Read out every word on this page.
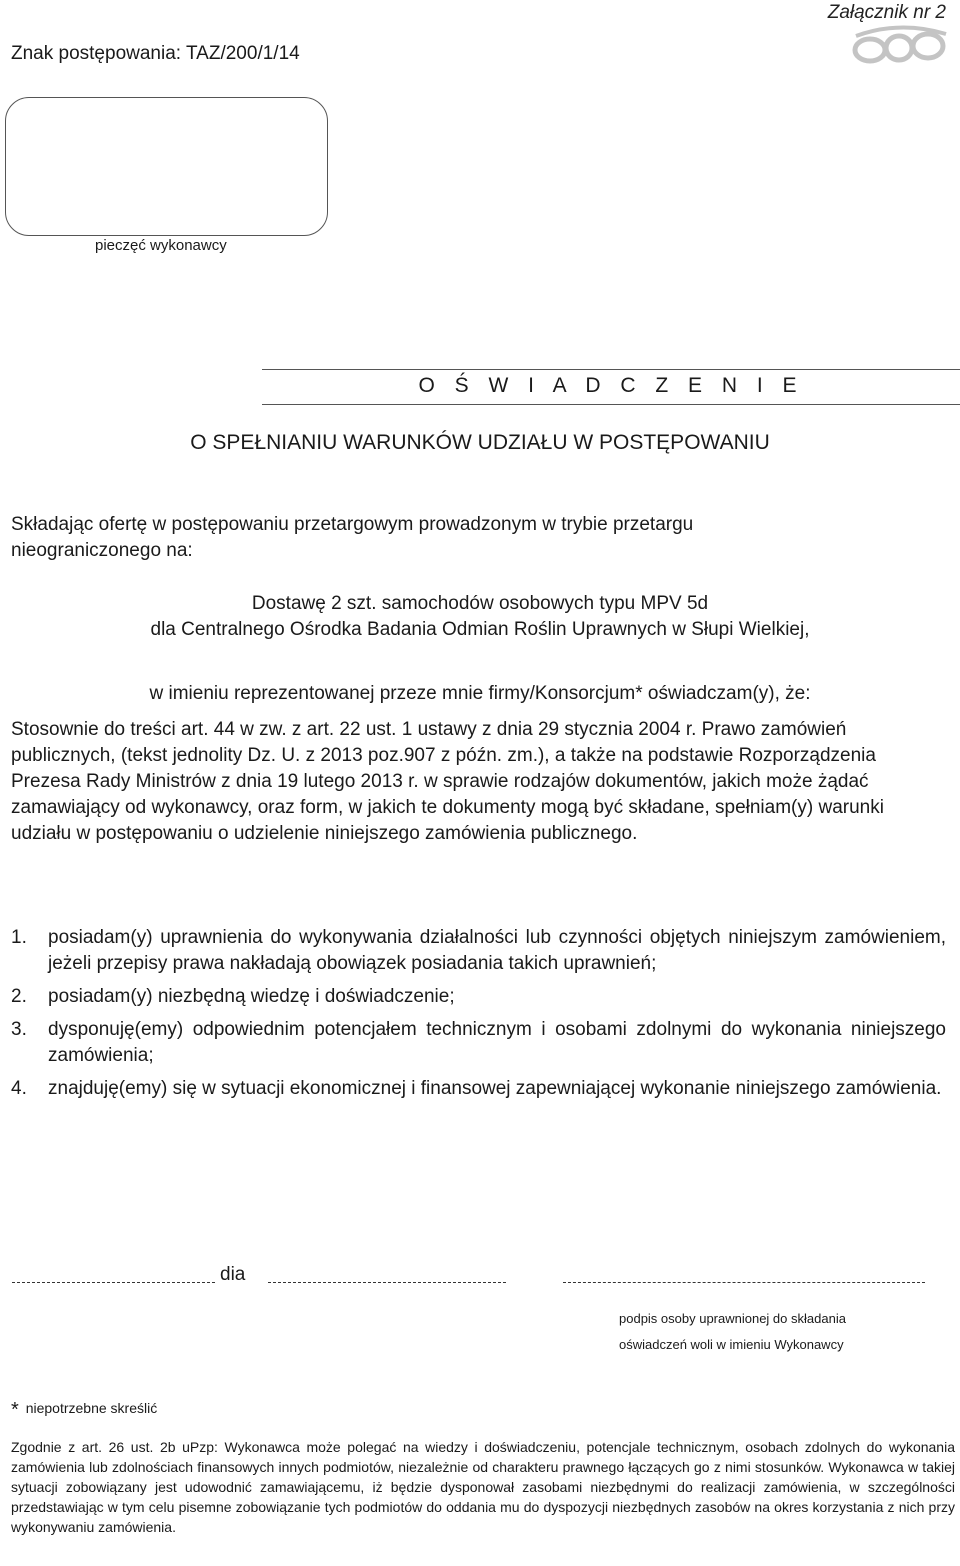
Załącznik nr 2
Znak postępowania: TAZ/200/1/14
pieczęć wykonawcy
O Ś W I A D C Z E N I E
O SPEŁNIANIU WARUNKÓW UDZIAŁU W POSTĘPOWANIU
Składając ofertę w postępowaniu przetargowym prowadzonym w trybie przetargu
nieograniczonego na:
Dostawę 2 szt. samochodów osobowych typu MPV 5d
dla Centralnego Ośrodka Badania Odmian Roślin Uprawnych w Słupi Wielkiej,
w imieniu reprezentowanej przeze mnie firmy/Konsorcjum* oświadczam(y), że:
Stosownie do treści art. 44 w zw. z art. 22 ust. 1 ustawy z dnia 29 stycznia 2004 r. Prawo zamówień publicznych, (tekst jednolity Dz. U. z 2013 poz.907 z późn. zm.), a także na podstawie Rozporządzenia Prezesa Rady Ministrów z dnia 19 lutego 2013 r. w sprawie rodzajów dokumentów, jakich może żądać zamawiający od wykonawcy, oraz form, w jakich te dokumenty mogą być składane, spełniam(y) warunki udziału w postępowaniu o udzielenie niniejszego zamówienia publicznego.
1. posiadam(y) uprawnienia do wykonywania działalności lub czynności objętych niniejszym zamówieniem, jeżeli przepisy prawa nakładają obowiązek posiadania takich uprawnień;
2. posiadam(y) niezbędną wiedzę i doświadczenie;
3. dysponuję(emy) odpowiednim potencjałem technicznym i osobami zdolnymi do wykonania niniejszego zamówienia;
4. znajduję(emy) się w sytuacji ekonomicznej i finansowej zapewniającej wykonanie niniejszego zamówienia.
dia
podpis osoby uprawnionej do składania
oświadczeń woli w imieniu Wykonawcy
* niepotrzebne skreślić
Zgodnie z art. 26 ust. 2b uPzp: Wykonawca może polegać na wiedzy i doświadczeniu, potencjale technicznym, osobach zdolnych do wykonania zamówienia lub zdolnościach finansowych innych podmiotów, niezależnie od charakteru prawnego łączących go z nimi stosunków. Wykonawca w takiej sytuacji zobowiązany jest udowodnić zamawiającemu, iż będzie dysponował zasobami niezbędnymi do realizacji zamówienia, w szczególności przedstawiając w tym celu pisemne zobowiązanie tych podmiotów do oddania mu do dyspozycji niezbędnych zasobów na okres korzystania z nich przy wykonywaniu zamówienia.
